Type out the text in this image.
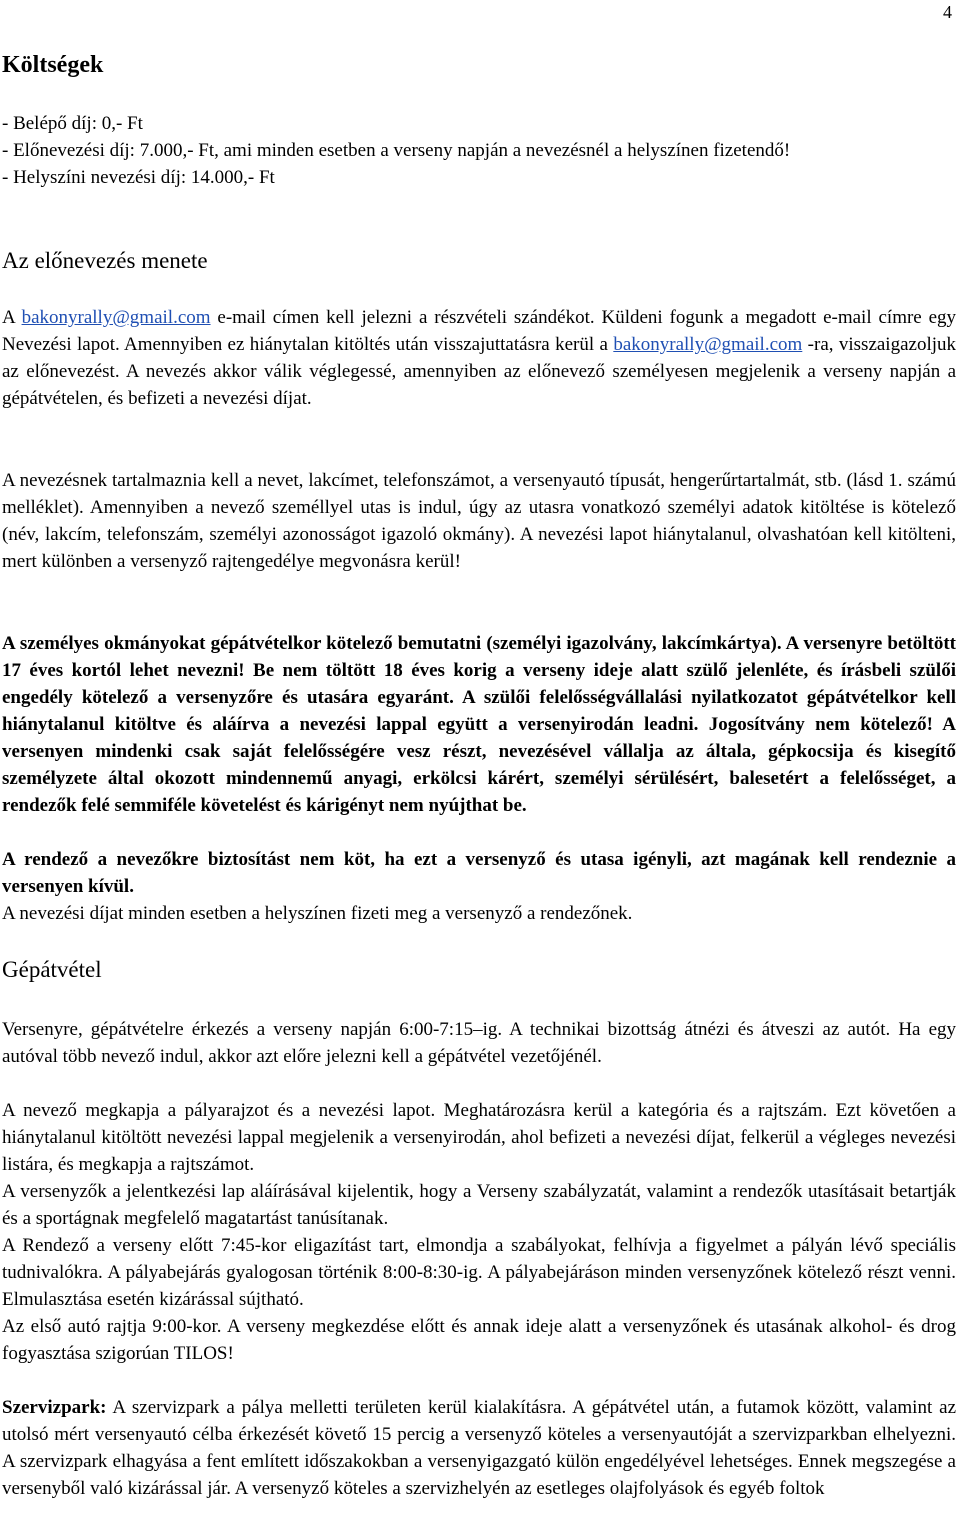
4
Költségek
- Belépő díj: 0,- Ft
- Előnevezési díj: 7.000,- Ft, ami minden esetben a verseny napján a nevezésnél a helyszínen fizetendő!
- Helyszíni nevezési díj: 14.000,- Ft
Az előnevezés menete

A bakonyrally@gmail.com e-mail címen kell jelezni a részvételi szándékot. Küldeni fogunk a megadott e-mail címre egy Nevezési lapot. Amennyiben ez hiánytalan kitöltés után visszajuttatásra kerül a bakonyrally@gmail.com -ra, visszaigazoljuk az előnevezést. A nevezés akkor válik véglegessé, amennyiben az előnevező személyesen megjelenik a verseny napján a gépátvételen, és befizeti a nevezési díjat.

A nevezésnek tartalmaznia kell a nevet, lakcímet, telefonszámot, a versenyautó típusát, hengerűrtartalmát, stb. (lásd 1. számú melléklet). Amennyiben a nevező személlyel utas is indul, úgy az utasra vonatkozó személyi adatok kitöltése is kötelező (név, lakcím, telefonszám, személyi azonosságot igazoló okmány). A nevezési lapot hiánytalanul, olvashatóan kell kitölteni, mert különben a versenyző rajtengedélye megvonásra kerül!

A személyes okmányokat gépátvételkor kötelező bemutatni (személyi igazolvány, lakcímkártya). A versenyre betöltött 17 éves kortól lehet nevezni! Be nem töltött 18 éves korig a verseny ideje alatt szülő jelenléte, és írásbeli szülői engedély kötelező a versenyzőre és utasára egyaránt. A szülői felelősségvállalási nyilatkozatot gépátvételkor kell hiánytalanul kitöltve és aláírva a nevezési lappal együtt a versenyirodán leadni. Jogosítvány nem kötelező! A versenyen mindenki csak saját felelősségére vesz részt, nevezésével vállalja az általa, gépkocsija és kisegítő személyzete által okozott mindennemű anyagi, erkölcsi kárért, személyi sérülésért, balesetért a felelősséget, a rendezők felé semmiféle követelést és kárigényt nem nyújthat be.

A rendező a nevezőkre biztosítást nem köt, ha ezt a versenyző és utasa igényli, azt magának kell rendeznie a versenyen kívül.

A nevezési díjat minden esetben a helyszínen fizeti meg a versenyző a rendezőnek.

Gépátvétel

Versenyre, gépátvételre érkezés a verseny napján 6:00-7:15–ig. A technikai bizottság átnézi és átveszi az autót. Ha egy autóval több nevező indul, akkor azt előre jelezni kell a gépátvétel vezetőjénél.

A nevező megkapja a pályarajzot és a nevezési lapot. Meghatározásra kerül a kategória és a rajtszám. Ezt követően a hiánytalanul kitöltött nevezési lappal megjelenik a versenyirodán, ahol befizeti a nevezési díjat, felkerül a végleges nevezési listára, és megkapja a rajtszámot.

A versenyzők a jelentkezési lap aláírásával kijelentik, hogy a Verseny szabályzatát, valamint a rendezők utasításait betartják és a sportágnak megfelelő magatartást tanúsítanak.

A Rendező a verseny előtt 7:45-kor eligazítást tart, elmondja a szabályokat, felhívja a figyelmet a pályán lévő speciális tudnivalókra. A pályabejárás gyalogosan történik 8:00-8:30-ig. A pályabejáráson minden versenyzőnek kötelező részt venni. Elmulasztása esetén kizárással sújtható.

Az első autó rajtja 9:00-kor. A verseny megkezdése előtt és annak ideje alatt a versenyzőnek és utasának alkohol- és drog fogyasztása szigorúan TILOS!

Szervizpark: A szervizpark a pálya melletti területen kerül kialakításra. A gépátvétel után, a futamok között, valamint az utolsó mért versenyautó célba érkezését követő 15 percig a versenyző köteles a versenyautóját a szervizparkban elhelyezni. A szervizpark elhagyása a fent említett időszakokban a versenyigazgató külön engedélyével lehetséges. Ennek megszegése a versenyből való kizárással jár. A versenyző köteles a szervizhelyén az esetleges olajfolyások és egyéb foltok
